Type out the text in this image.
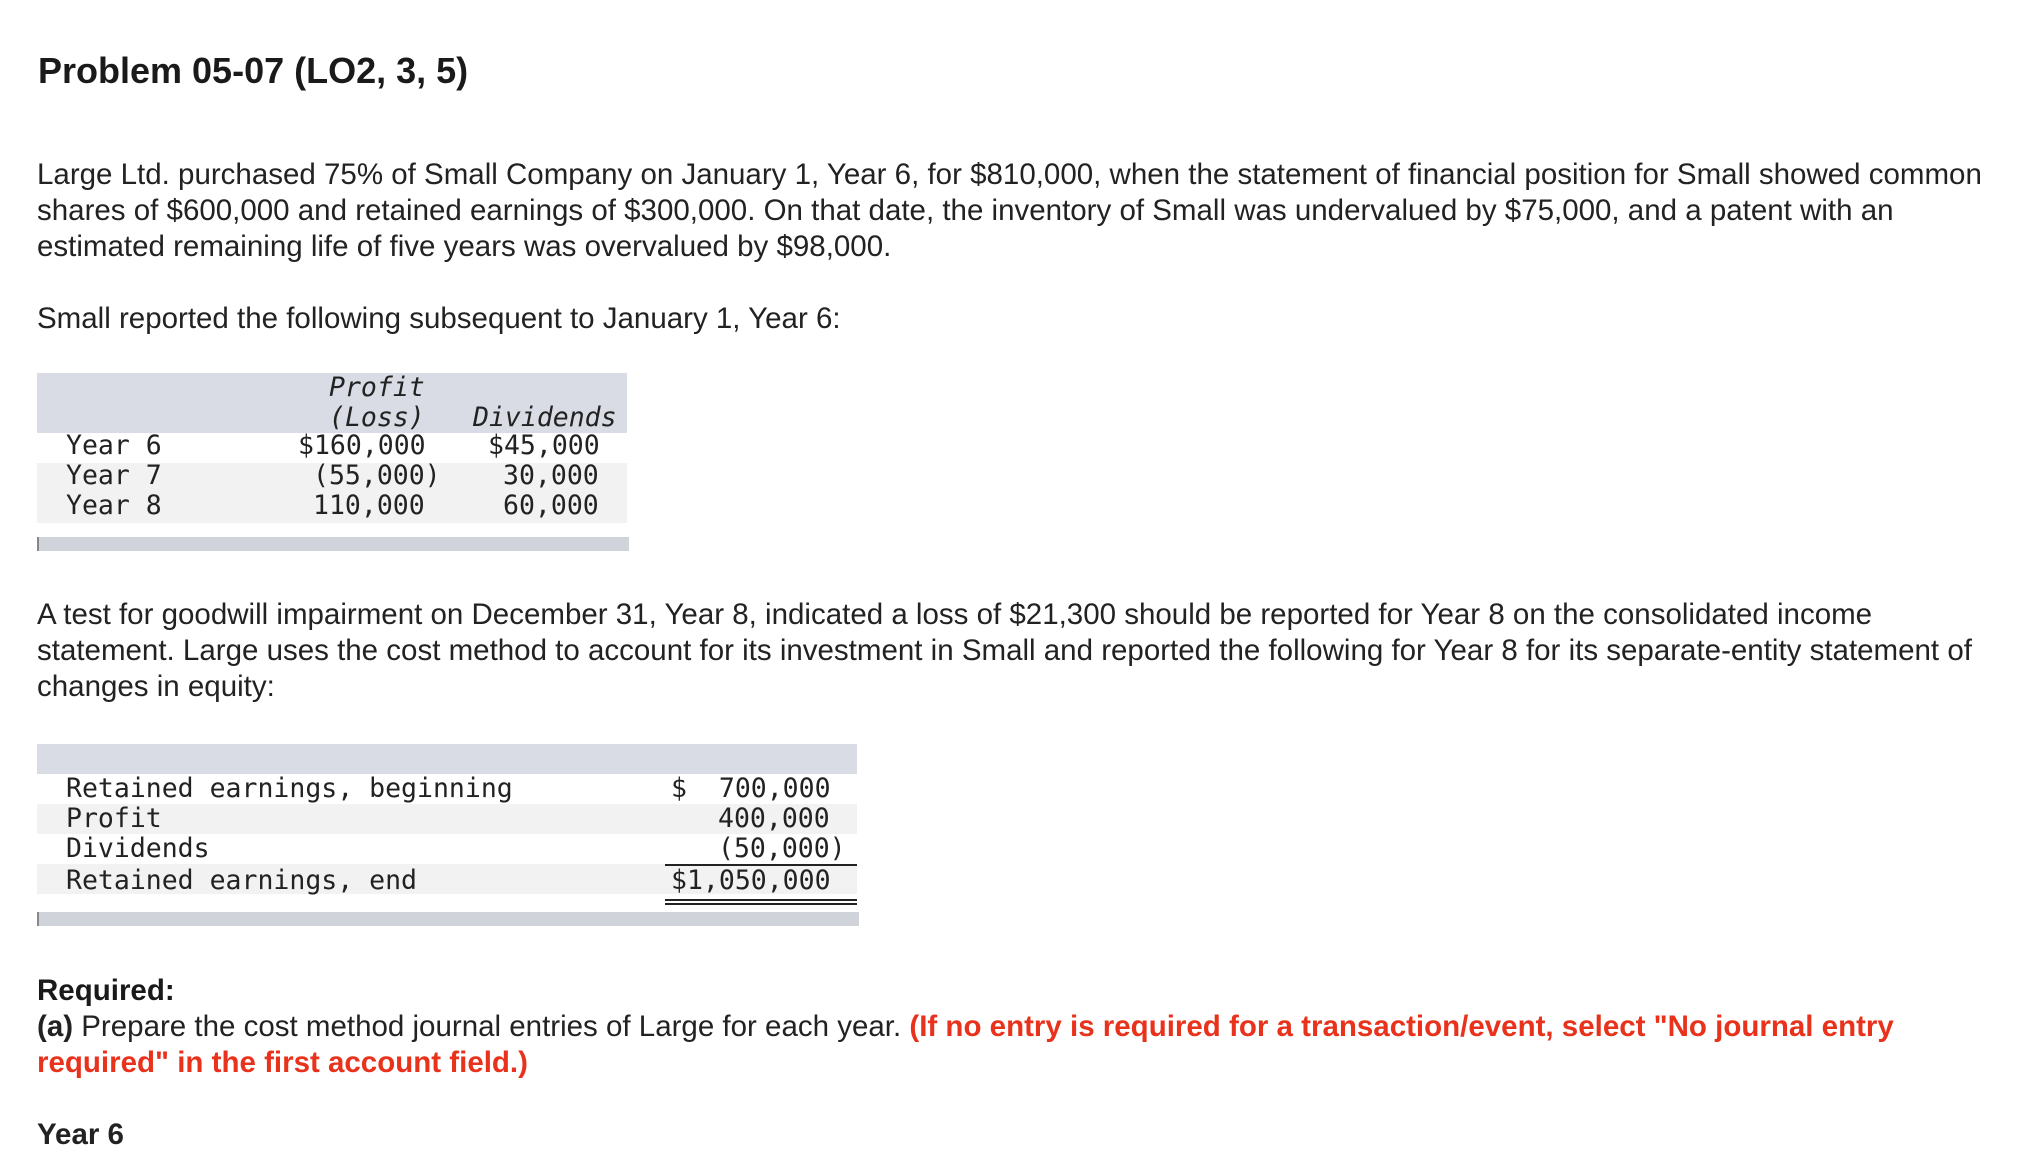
Problem 05-07 (LO2, 3, 5)

Large Ltd. purchased 75% of Small Company on January 1, Year 6, for $810,000, when the statement of financial position for Small showed common shares of $600,000 and retained earnings of $300,000. On that date, the inventory of Small was undervalued by $75,000, and a patent with an estimated remaining life of five years was overvalued by $98,000.

Small reported the following subsequent to January 1, Year 6:

Profit
(Loss) Dividends
Year 6	$160,000 $45,000
Year 7	(55,000) 30,000
Year 8	110,000	60,000

A test for goodwill impairment on December 31, Year 8, indicated a loss of $21,300 should be reported for Year 8 on the consolidated income statement. Large uses the cost method to account for its investment in Small and reported the following for Year 8 for its separate-entity statement of changes in equity:

Retained earnings, beginning	$  700,000
Profit	400,000
Dividends	(50,000)
Retained earnings, end	$1,050,000

Required:
(a) Prepare the cost method journal entries of Large for each year. (If no entry is required for a transaction/event, select "No journal entry required" in the first account field.)

Year 6
